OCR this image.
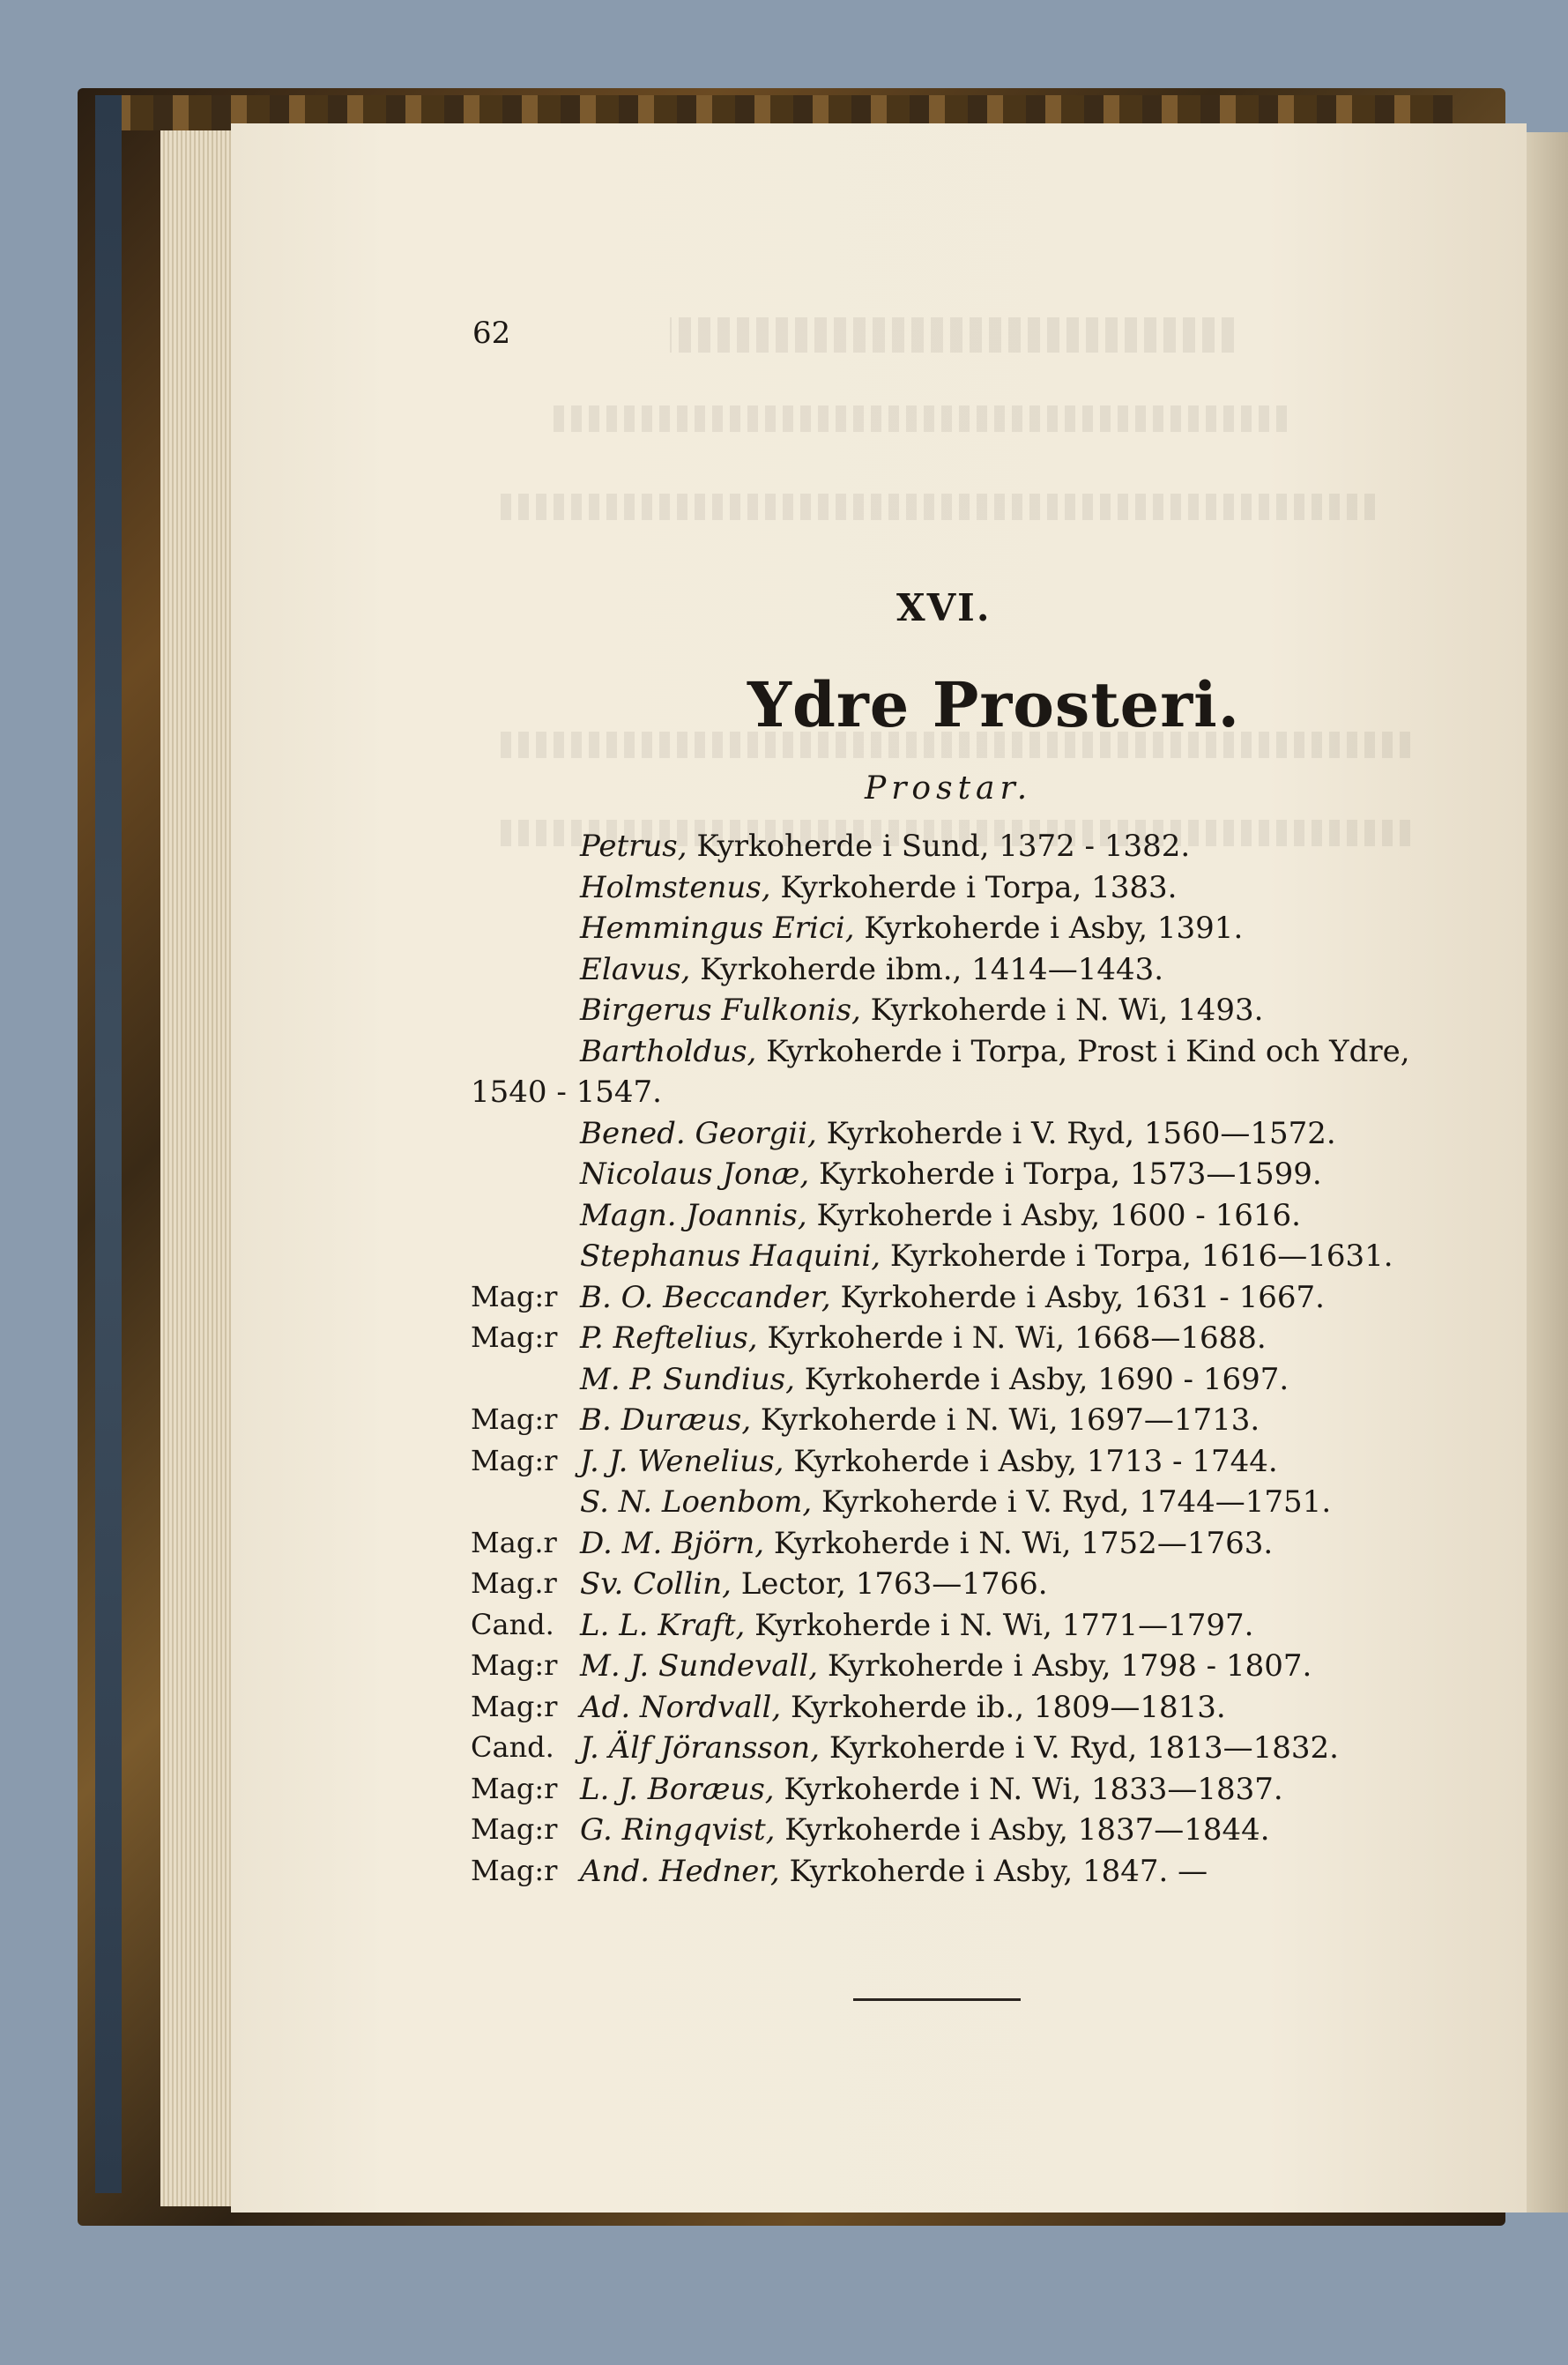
62
XVI.
Ydre Prosteri.
Prostar.
Petrus, Kyrkoherde i Sund, 1372 - 1382.
Holmstenus, Kyrkoherde i Torpa, 1383.
Hemmingus Erici, Kyrkoherde i Asby, 1391.
Elavus, Kyrkoherde ibm., 1414—1443.
Birgerus Fulkonis, Kyrkoherde i N. Wi, 1493.
Bartholdus, Kyrkoherde i Torpa, Prost i Kind och Ydre,
1540 - 1547.
Bened. Georgii, Kyrkoherde i V. Ryd, 1560—1572.
Nicolaus Jonæ, Kyrkoherde i Torpa, 1573—1599.
Magn. Joannis, Kyrkoherde i Asby, 1600 - 1616.
Stephanus Haquini, Kyrkoherde i Torpa, 1616—1631.
Mag:r B. O. Beccander, Kyrkoherde i Asby, 1631 - 1667.
Mag:r P. Reftelius, Kyrkoherde i N. Wi, 1668—1688.
M. P. Sundius, Kyrkoherde i Asby, 1690 - 1697.
Mag:r B. Duræus, Kyrkoherde i N. Wi, 1697—1713.
Mag:r J. J. Wenelius, Kyrkoherde i Asby, 1713 - 1744.
S. N. Loenbom, Kyrkoherde i V. Ryd, 1744—1751.
Mag.r D. M. Björn, Kyrkoherde i N. Wi, 1752—1763.
Mag.r Sv. Collin, Lector, 1763—1766.
Cand. L. L. Kraft, Kyrkoherde i N. Wi, 1771—1797.
Mag:r M. J. Sundevall, Kyrkoherde i Asby, 1798 - 1807.
Mag:r Ad. Nordvall, Kyrkoherde ib., 1809—1813.
Cand. J. Älf Jöransson, Kyrkoherde i V. Ryd, 1813—1832.
Mag:r L. J. Boræus, Kyrkoherde i N. Wi, 1833—1837.
Mag:r G. Ringqvist, Kyrkoherde i Asby, 1837—1844.
Mag:r And. Hedner, Kyrkoherde i Asby, 1847. —
